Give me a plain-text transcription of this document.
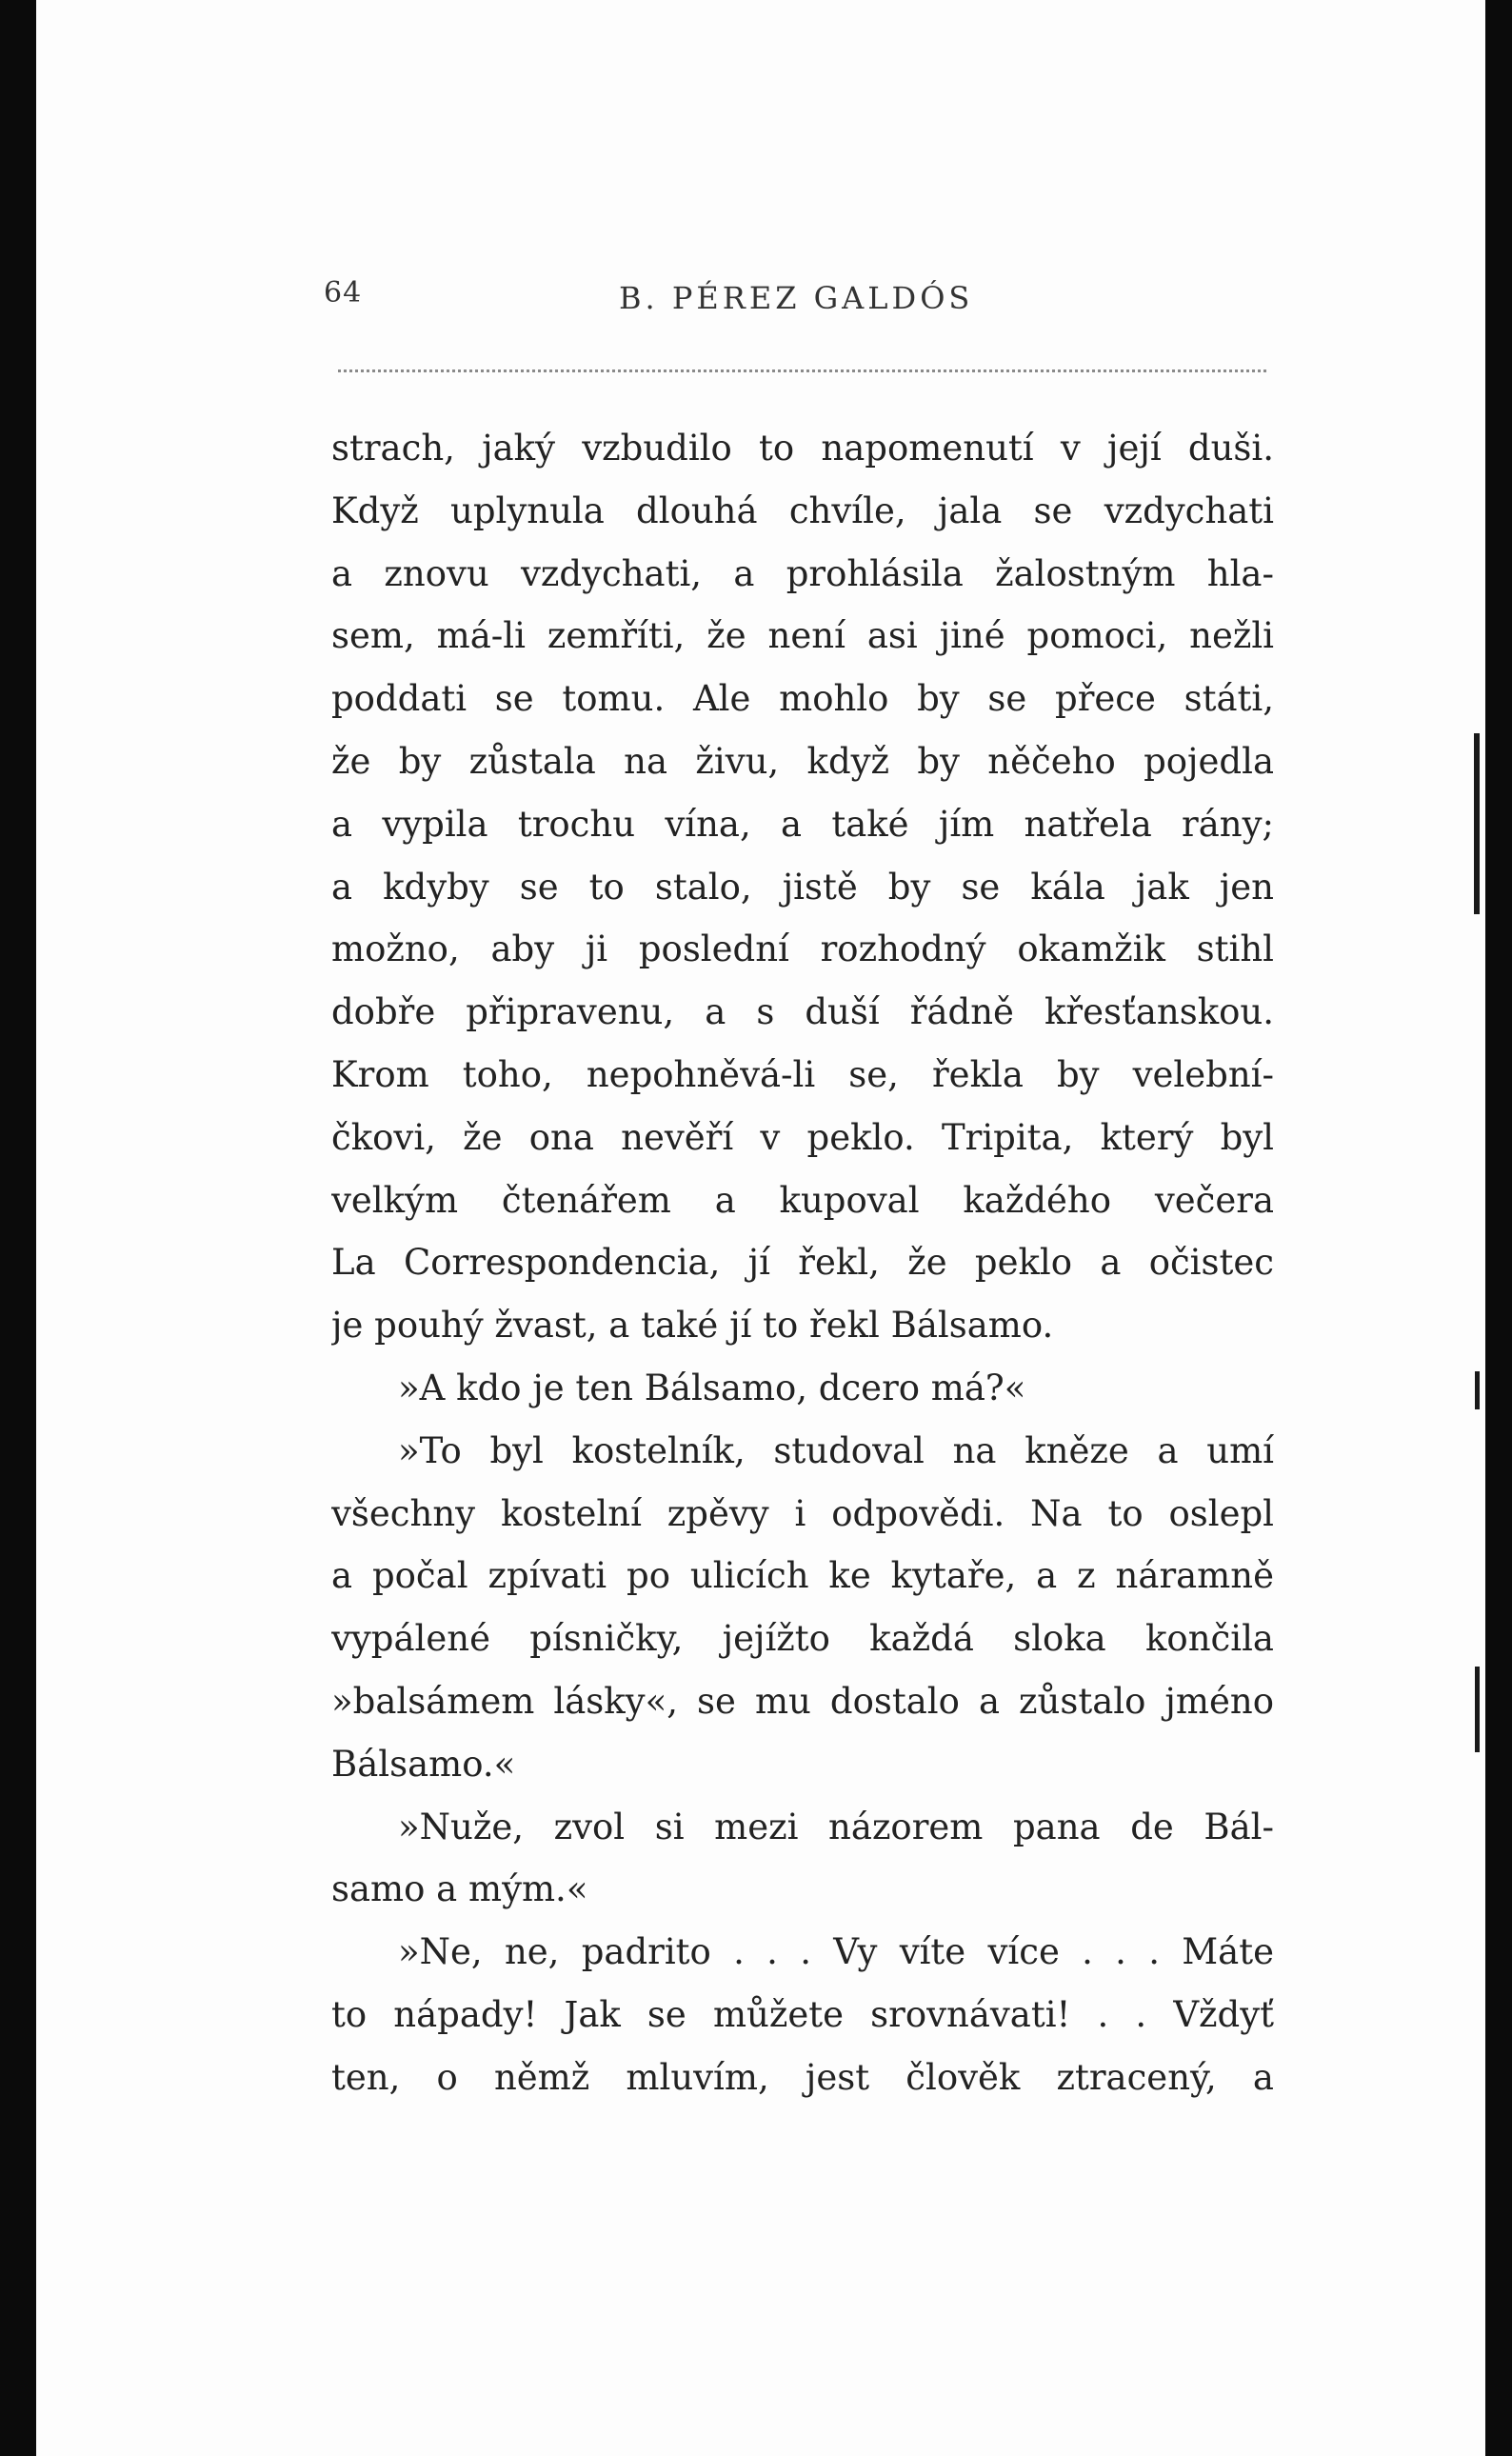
64	B. PÉREZ GALDÓS
strach, jaký vzbudilo to napomenutí v její duši.
Když uplynula dlouhá chvíle, jala se vzdychati
a znovu vzdychati, a prohlásila žalostným hla-
sem, má-li zemříti, že není asi jiné pomoci, nežli
poddati se tomu. Ale mohlo by se přece státi,
že by zůstala na živu, když by něčeho pojedla
a vypila trochu vína, a také jím natřela rány;
a kdyby se to stalo, jistě by se kála jak jen
možno, aby ji poslední rozhodný okamžik stihl
dobře připravenu, a s duší řádně křesťanskou.
Krom toho, nepohněvá-li se, řekla by velební-
čkovi, že ona nevěří v peklo. Tripita, který byl
velkým čtenářem a kupoval každého večera
La Correspondencia, jí řekl, že peklo a očistec
je pouhý žvast, a také jí to řekl Bálsamo.
»A kdo je ten Bálsamo, dcero má?«
»To byl kostelník, studoval na kněze a umí
všechny kostelní zpěvy i odpovědi. Na to oslepl
a počal zpívati po ulicích ke kytaře, a z náramně
vypálené písničky, jejížto každá sloka končila
»balsámem lásky«, se mu dostalo a zůstalo jméno
Bálsamo.«
»Nuže, zvol si mezi názorem pana de Bál-
samo a mým.«
»Ne, ne, padrito . . . Vy víte více . . . Máte
to nápady! Jak se můžete srovnávati! . . Vždyť
ten, o němž mluvím, jest člověk ztracený, a
